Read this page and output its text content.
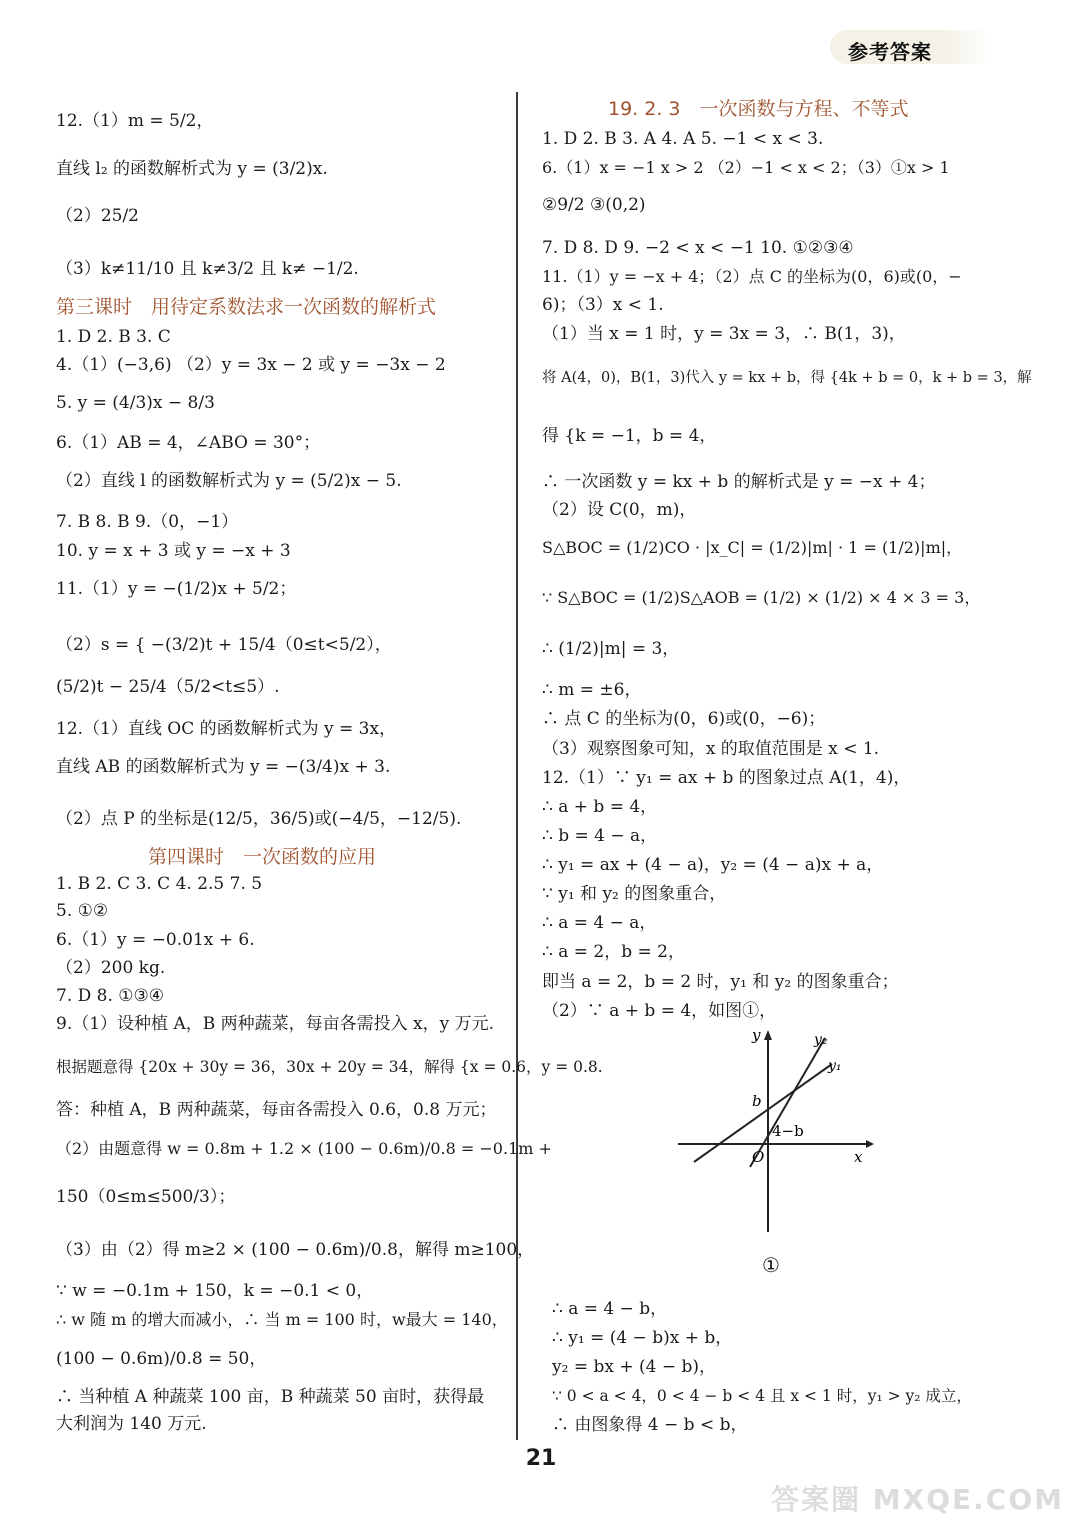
参考答案
12.（1）m = 5/2，
直线 l₂ 的函数解析式为 y = (3/2)x.
（2）25/2
（3）k≠11/10 且 k≠3/2 且 k≠ −1/2.
第三课时　用待定系数法求一次函数的解析式
1. D 2. B 3. C
4.（1）(−3,6) （2）y = 3x − 2 或 y = −3x − 2
5. y = (4/3)x − 8/3
6.（1）AB = 4，∠ABO = 30°；
（2）直线 l 的函数解析式为 y = (5/2)x − 5.
7. B 8. B 9.（0，−1）
10. y = x + 3 或 y = −x + 3
11.（1）y = −(1/2)x + 5/2；
（2）s = { −(3/2)t + 15/4（0≤t<5/2），
(5/2)t − 25/4（5/2<t≤5）.
12.（1）直线 OC 的函数解析式为 y = 3x，
直线 AB 的函数解析式为 y = −(3/4)x + 3.
（2）点 P 的坐标是(12/5，36/5)或(−4/5，−12/5).
第四课时　一次函数的应用
1. B 2. C 3. C 4. 2.5 7. 5
5. ①②
6.（1）y = −0.01x + 6.
（2）200 kg.
7. D 8. ①③④
9.（1）设种植 A，B 两种蔬菜，每亩各需投入 x，y 万元.
根据题意得 {20x + 30y = 36，30x + 20y = 34，解得 {x = 0.6，y = 0.8.
答：种植 A，B 两种蔬菜，每亩各需投入 0.6，0.8 万元；
（2）由题意得 w = 0.8m + 1.2 × (100 − 0.6m)/0.8 = −0.1m +
150（0≤m≤500/3）；
（3）由（2）得 m≥2 × (100 − 0.6m)/0.8，解得 m≥100，
∵ w = −0.1m + 150，k = −0.1 < 0，
∴ w 随 m 的增大而减小，∴ 当 m = 100 时，w最大 = 140，
(100 − 0.6m)/0.8 = 50，
∴ 当种植 A 种蔬菜 100 亩，B 种蔬菜 50 亩时，获得最
大利润为 140 万元.
19. 2. 3　一次函数与方程、不等式
1. D 2. B 3. A 4. A 5. −1 < x < 3.
6.（1）x = −1 x > 2 （2）−1 < x < 2；（3）①x > 1
②9/2 ③(0,2)
7. D 8. D 9. −2 < x < −1 10. ①②③④
11.（1）y = −x + 4；（2）点 C 的坐标为(0，6)或(0，−
6)；（3）x < 1.
（1）当 x = 1 时，y = 3x = 3，∴ B(1，3)，
将 A(4，0)，B(1，3)代入 y = kx + b，得 {4k + b = 0，k + b = 3，解
得 {k = −1，b = 4，
∴ 一次函数 y = kx + b 的解析式是 y = −x + 4；
（2）设 C(0，m)，
S△BOC = (1/2)CO · |x_C| = (1/2)|m| · 1 = (1/2)|m|，
∵ S△BOC = (1/2)S△AOB = (1/2) × (1/2) × 4 × 3 = 3，
∴ (1/2)|m| = 3，
∴ m = ±6，
∴ 点 C 的坐标为(0，6)或(0，−6)；
（3）观察图象可知，x 的取值范围是 x < 1.
12.（1）∵ y₁ = ax + b 的图象过点 A(1，4)，
∴ a + b = 4，
∴ b = 4 − a，
∴ y₁ = ax + (4 − a)，y₂ = (4 − a)x + a，
∵ y₁ 和 y₂ 的图象重合，
∴ a = 4 − a，
∴ a = 2，b = 2，
即当 a = 2，b = 2 时，y₁ 和 y₂ 的图象重合；
（2）∵ a + b = 4，如图①，
y
x
O
y₂
y₁
b
4−b
①
∴ a = 4 − b，
∴ y₁ = (4 − b)x + b，
y₂ = bx + (4 − b)，
∵ 0 < a < 4，0 < 4 − b < 4 且 x < 1 时，y₁ > y₂ 成立，
∴ 由图象得 4 − b < b，
21
答案圈 MXQE.COM
